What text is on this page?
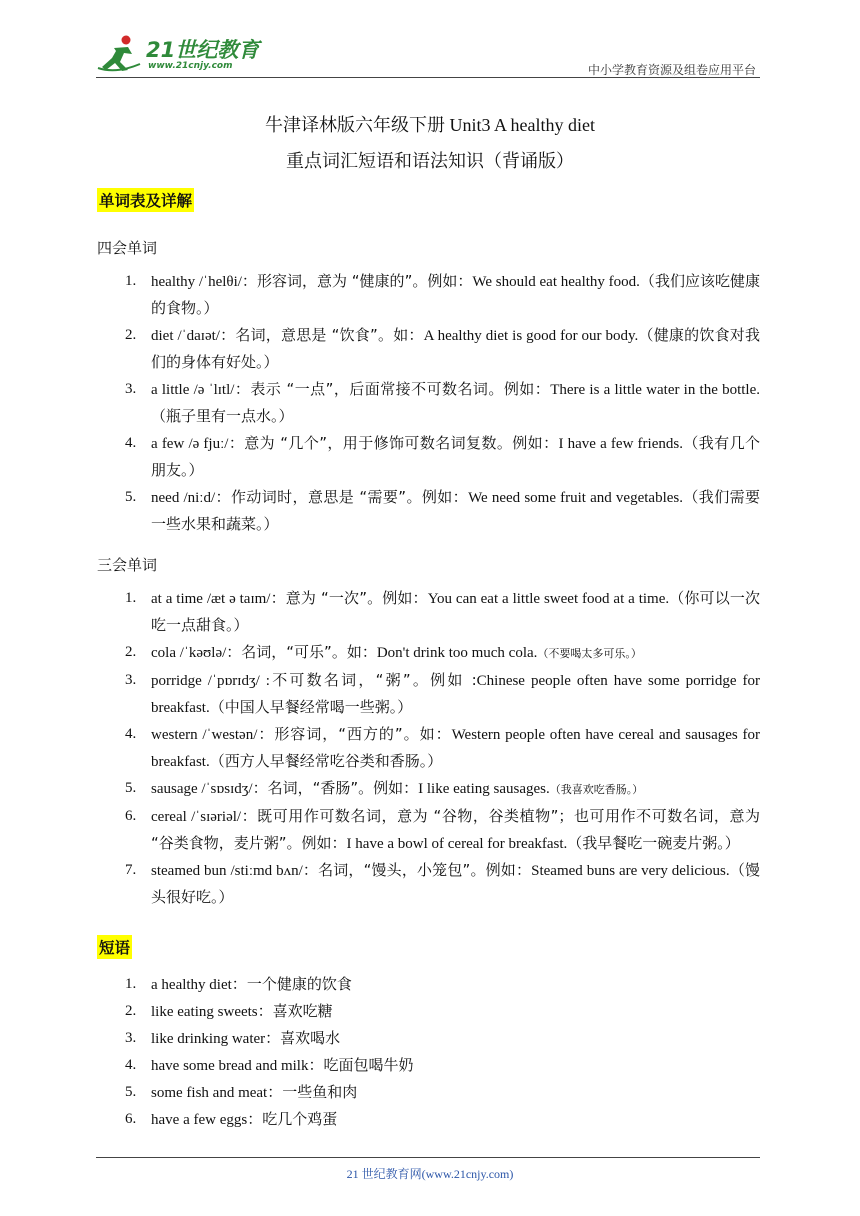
21世纪教育
www.21cnjy.com	中小学教育资源及组卷应用平台
牛津译林版六年级下册 Unit3 A healthy diet
重点词汇短语和语法知识（背诵版）
单词表及详解
四会单词
1. healthy /ˈhelθi/：形容词，意为 “健康的”。例如：We should eat healthy food.（我们应该吃健康的食物。）
2. diet /ˈdaɪət/：名词，意思是 “饮食”。如：A healthy diet is good for our body.（健康的饮食对我们的身体有好处。）
3. a little /ə ˈlɪtl/：表示 “一点”，后面常接不可数名词。例如：There is a little water in the bottle.（瓶子里有一点水。）
4. a few /ə fjuː/：意为 “几个”，用于修饰可数名词复数。例如：I have a few friends.（我有几个朋友。）
5. need /niːd/：作动词时，意思是 “需要”。例如：We need some fruit and vegetables.（我们需要一些水果和蔬菜。）
三会单词
1. at a time /æt ə taɪm/：意为 “一次”。例如：You can eat a little sweet food at a time.（你可以一次吃一点甜食。）
2. cola /ˈkəʊlə/：名词，“可乐”。如：Don't drink too much cola.（不要喝太多可乐。）
3. porridge /ˈpɒrɪdʒ/ :不可数名词，“粥”。例如 :Chinese people often have some porridge for breakfast.（中国人早餐经常喝一些粥。）
4. western /ˈwestən/：形容词，“西方的”。如：Western people often have cereal and sausages for breakfast.（西方人早餐经常吃谷类和香肠。）
5. sausage /ˈsɒsɪdʒ/：名词，“香肠”。例如：I like eating sausages.（我喜欢吃香肠。）
6. cereal /ˈsɪəriəl/：既可用作可数名词，意为 “谷物，谷类植物”；也可用作不可数名词，意为 “谷类食物，麦片粥”。例如：I have a bowl of cereal for breakfast.（我早餐吃一碗麦片粥。）
7. steamed bun /stiːmd bʌn/：名词，“馒头，小笼包”。例如：Steamed buns are very delicious.（馒头很好吃。）
短语
1. a healthy diet：一个健康的饮食
2. like eating sweets：喜欢吃糖
3. like drinking water：喜欢喝水
4. have some bread and milk：吃面包喝牛奶
5. some fish and meat：一些鱼和肉
6. have a few eggs：吃几个鸡蛋
21 世纪教育网(www.21cnjy.com)
